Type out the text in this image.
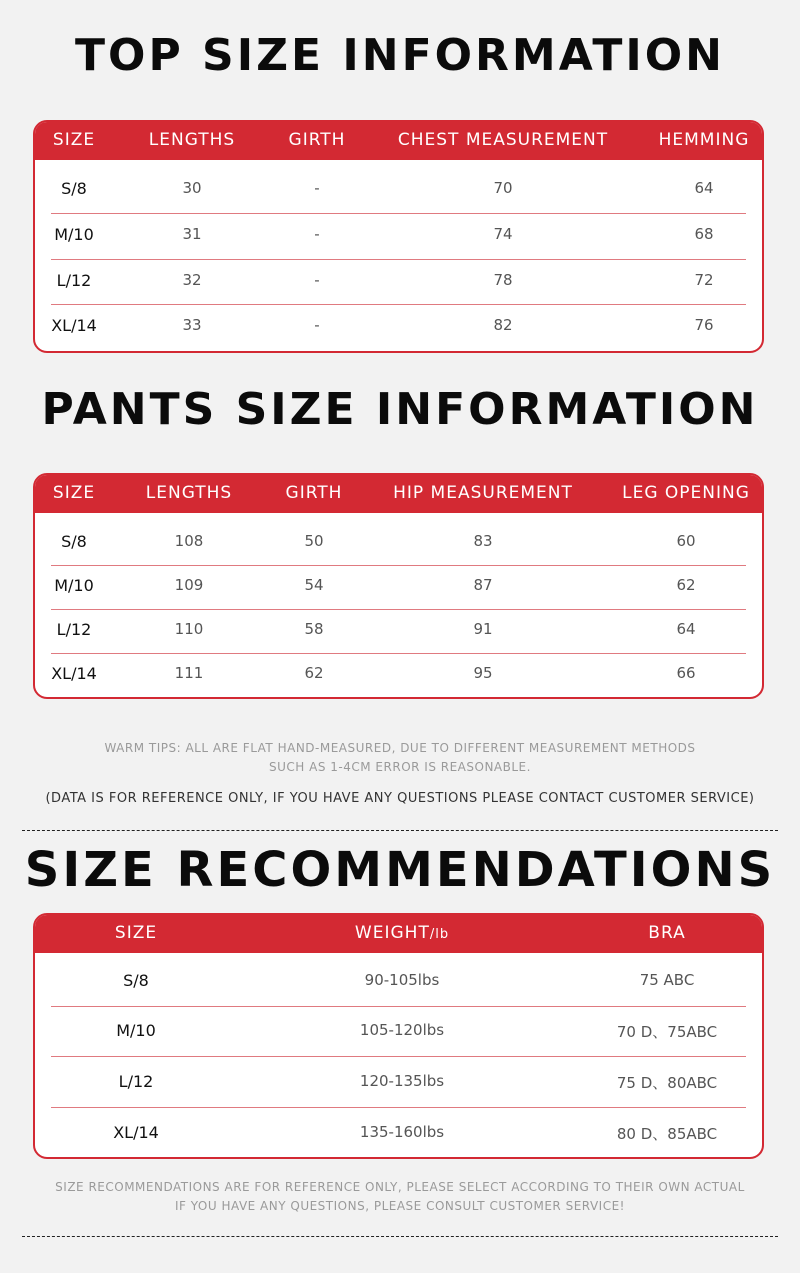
TOP SIZE INFORMATION
SIZE	LENGTHS	GIRTH	CHEST MEASUREMENT	HEMMING
S/8	30	-	70	64
M/10	31	-	74	68
L/12	32	-	78	72
XL/14	33	-	82	76
PANTS SIZE INFORMATION
SIZE	LENGTHS	GIRTH	HIP MEASUREMENT	LEG OPENING
S/8	108	50	83	60
M/10	109	54	87	62
L/12	110	58	91	64
XL/14	111	62	95	66
WARM TIPS: ALL ARE FLAT HAND-MEASURED, DUE TO DIFFERENT MEASUREMENT METHODS
SUCH AS 1-4CM ERROR IS REASONABLE.
(DATA IS FOR REFERENCE ONLY, IF YOU HAVE ANY QUESTIONS PLEASE CONTACT CUSTOMER SERVICE)
SIZE RECOMMENDATIONS
SIZE	WEIGHT/lb	BRA
S/8	90-105lbs	75 ABC
M/10	105-120lbs	70 D、75ABC
L/12	120-135lbs	75 D、80ABC
XL/14	135-160lbs	80 D、85ABC
SIZE RECOMMENDATIONS ARE FOR REFERENCE ONLY, PLEASE SELECT ACCORDING TO THEIR OWN ACTUAL
IF YOU HAVE ANY QUESTIONS, PLEASE CONSULT CUSTOMER SERVICE!
